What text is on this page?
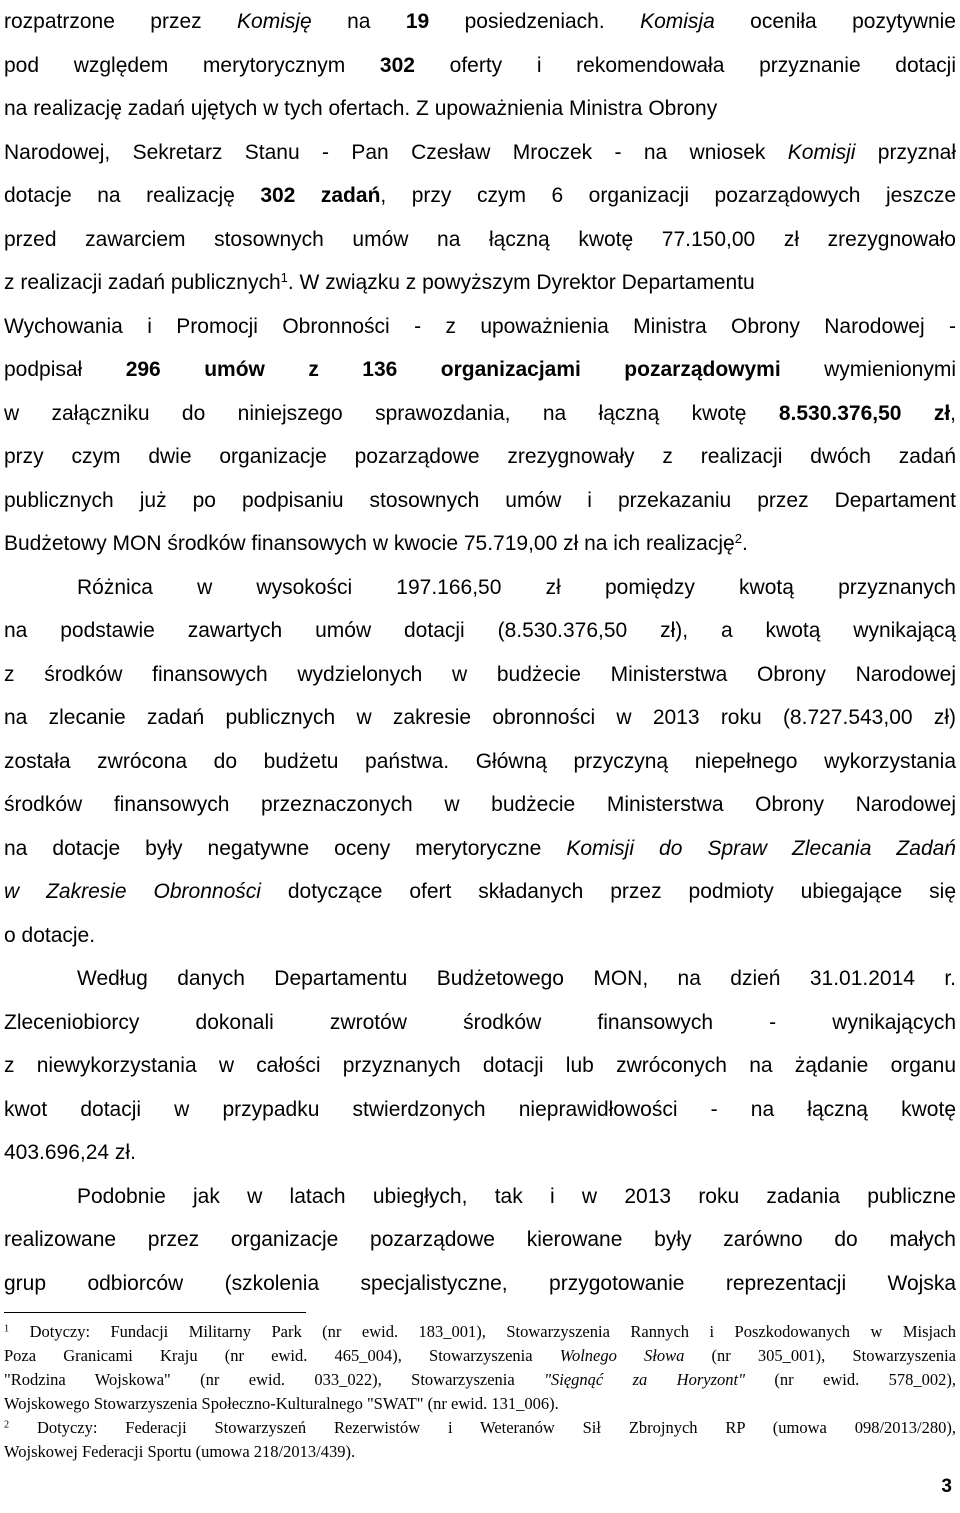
rozpatrzone przez Komisję na 19 posiedzeniach. Komisja oceniła pozytywnie
pod względem merytorycznym 302 oferty i rekomendowała przyznanie dotacji
na realizację zadań ujętych w tych ofertach. Z upoważnienia Ministra Obrony
Narodowej, Sekretarz Stanu - Pan Czesław Mroczek - na wniosek Komisji przyznał
dotacje na realizację 302 zadań, przy czym 6 organizacji pozarządowych jeszcze
przed zawarciem stosownych umów na łączną kwotę 77.150,00 zł zrezygnowało
z realizacji zadań publicznych$^1$. W związku z powyższym Dyrektor Departamentu
Wychowania i Promocji Obronności - z upoważnienia Ministra Obrony Narodowej -
podpisał 296 umów z 136 organizacjami pozarządowymi wymienionymi
w załączniku do niniejszego sprawozdania, na łączną kwotę 8.530.376,50 zł,
przy czym dwie organizacje pozarządowe zrezygnowały z realizacji dwóch zadań
publicznych już po podpisaniu stosownych umów i przekazaniu przez Departament
Budżetowy MON środków finansowych w kwocie 75.719,00 zł na ich realizację$^2$.
Różnica w wysokości 197.166,50 zł pomiędzy kwotą przyznanych
na podstawie zawartych umów dotacji (8.530.376,50 zł), a kwotą wynikającą
z środków finansowych wydzielonych w budżecie Ministerstwa Obrony Narodowej
na zlecanie zadań publicznych w zakresie obronności w 2013 roku (8.727.543,00 zł)
została zwrócona do budżetu państwa. Główną przyczyną niepełnego wykorzystania
środków finansowych przeznaczonych w budżecie Ministerstwa Obrony Narodowej
na dotacje były negatywne oceny merytoryczne Komisji do Spraw Zlecania Zadań
w Zakresie Obronności dotyczące ofert składanych przez podmioty ubiegające się
o dotacje.
Według danych Departamentu Budżetowego MON, na dzień 31.01.2014 r.
Zleceniobiorcy dokonali zwrotów środków finansowych - wynikających
z niewykorzystania w całości przyznanych dotacji lub zwróconych na żądanie organu
kwot dotacji w przypadku stwierdzonych nieprawidłowości - na łączną kwotę
403.696,24 zł.
Podobnie jak w latach ubiegłych, tak i w 2013 roku zadania publiczne
realizowane przez organizacje pozarządowe kierowane były zarówno do małych
grup odbiorców (szkolenia specjalistyczne, przygotowanie reprezentacji Wojska
$^1$ Dotyczy: Fundacji Militarny Park (nr ewid. 183_001), Stowarzyszenia Rannych i Poszkodowanych w Misjach
Poza Granicami Kraju (nr ewid. 465_004), Stowarzyszenia Wolnego Słowa (nr 305_001), Stowarzyszenia
"Rodzina Wojskowa" (nr ewid. 033_022), Stowarzyszenia "Sięgnąć za Horyzont" (nr ewid. 578_002),
Wojskowego Stowarzyszenia Społeczno-Kulturalnego "SWAT" (nr ewid. 131_006).
$^2$ Dotyczy: Federacji Stowarzyszeń Rezerwistów i Weteranów Sił Zbrojnych RP (umowa 098/2013/280),
Wojskowej Federacji Sportu (umowa 218/2013/439).
3
